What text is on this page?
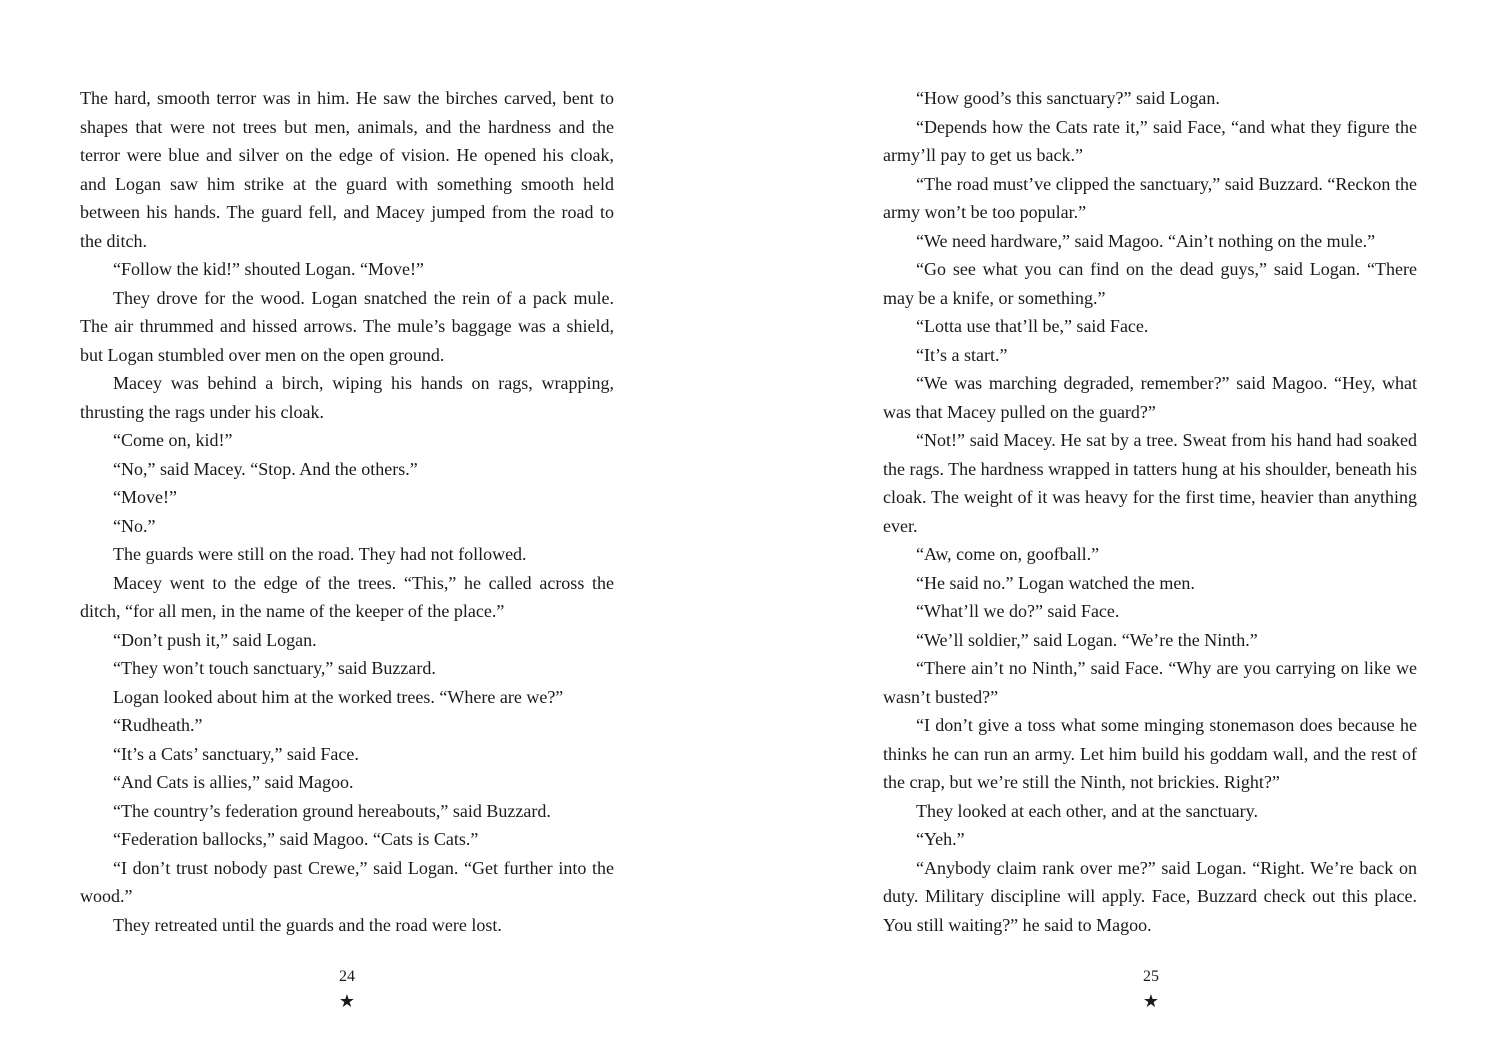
The hard, smooth terror was in him. He saw the birches carved, bent to shapes that were not trees but men, animals, and the hardness and the terror were blue and silver on the edge of vision. He opened his cloak, and Logan saw him strike at the guard with something smooth held between his hands. The guard fell, and Macey jumped from the road to the ditch.

“Follow the kid!” shouted Logan. “Move!”

They drove for the wood. Logan snatched the rein of a pack mule. The air thrummed and hissed arrows. The mule’s baggage was a shield, but Logan stumbled over men on the open ground.

Macey was behind a birch, wiping his hands on rags, wrapping, thrusting the rags under his cloak.

“Come on, kid!”

“No,” said Macey. “Stop. And the others.”

“Move!”

“No.”

The guards were still on the road. They had not followed.

Macey went to the edge of the trees. “This,” he called across the ditch, “for all men, in the name of the keeper of the place.”

“Don’t push it,” said Logan.

“They won’t touch sanctuary,” said Buzzard.

Logan looked about him at the worked trees. “Where are we?”

“Rudheath.”

“It’s a Cats’ sanctuary,” said Face.

“And Cats is allies,” said Magoo.

“The country’s federation ground hereabouts,” said Buzzard.

“Federation ballocks,” said Magoo. “Cats is Cats.”

“I don’t trust nobody past Crewe,” said Logan. “Get further into the wood.”

They retreated until the guards and the road were lost.

24
★

“How good’s this sanctuary?” said Logan.

“Depends how the Cats rate it,” said Face, “and what they figure the army’ll pay to get us back.”

“The road must’ve clipped the sanctuary,” said Buzzard. “Reckon the army won’t be too popular.”

“We need hardware,” said Magoo. “Ain’t nothing on the mule.”

“Go see what you can find on the dead guys,” said Logan. “There may be a knife, or something.”

“Lotta use that’ll be,” said Face.

“It’s a start.”

“We was marching degraded, remember?” said Magoo. “Hey, what was that Macey pulled on the guard?”

“Not!” said Macey. He sat by a tree. Sweat from his hand had soaked the rags. The hardness wrapped in tatters hung at his shoulder, beneath his cloak. The weight of it was heavy for the first time, heavier than anything ever.

“Aw, come on, goofball.”

“He said no.” Logan watched the men.

“What’ll we do?” said Face.

“We’ll soldier,” said Logan. “We’re the Ninth.”

“There ain’t no Ninth,” said Face. “Why are you carrying on like we wasn’t busted?”

“I don’t give a toss what some minging stonemason does because he thinks he can run an army. Let him build his goddam wall, and the rest of the crap, but we’re still the Ninth, not brickies. Right?”

They looked at each other, and at the sanctuary.

“Yeh.”

“Anybody claim rank over me?” said Logan. “Right. We’re back on duty. Military discipline will apply. Face, Buzzard check out this place. You still waiting?” he said to Magoo.

25
★
